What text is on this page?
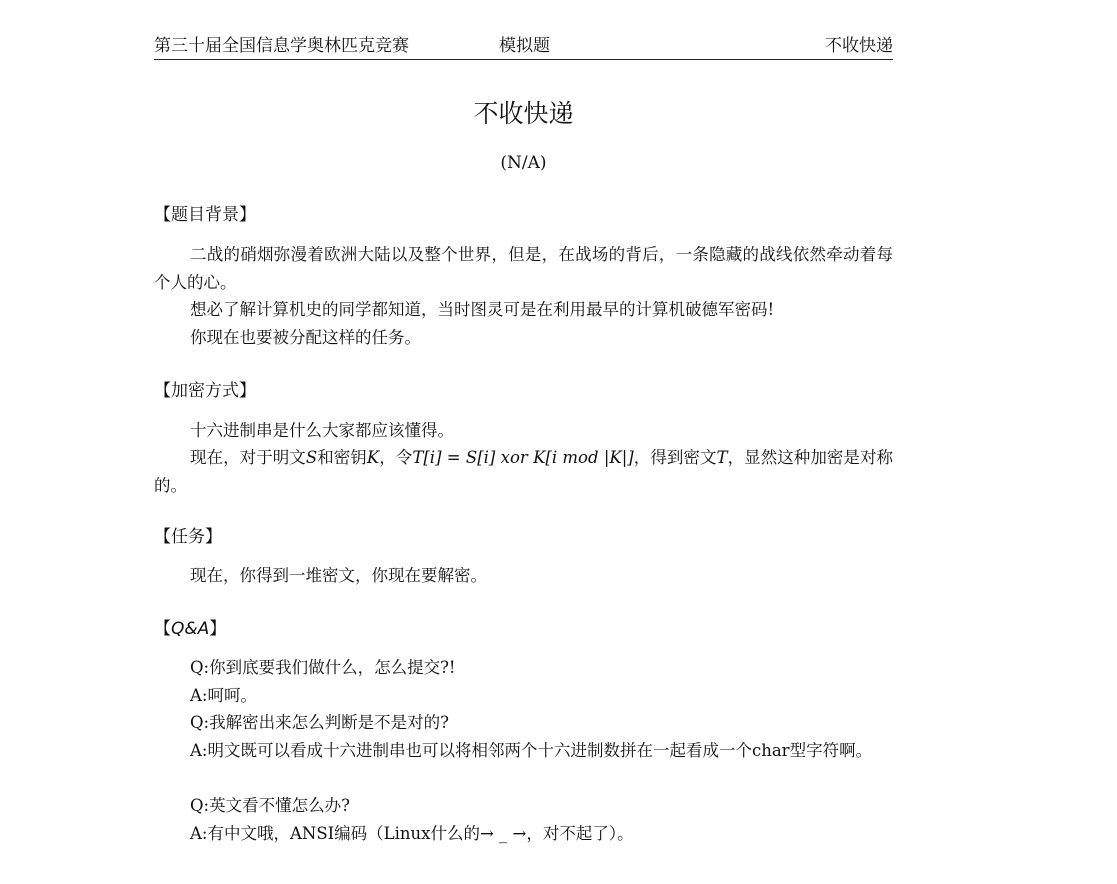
第三十届全国信息学奥林匹克竞赛	模拟题	不收快递
不收快递
(N/A)
【题目背景】
二战的硝烟弥漫着欧洲大陆以及整个世界，但是，在战场的背后，一条隐藏的战线依然牵动着每个人的心。
想必了解计算机史的同学都知道，当时图灵可是在利用最早的计算机破德军密码!
你现在也要被分配这样的任务。
【加密方式】
十六进制串是什么大家都应该懂得。
现在，对于明文S和密钥K，令T[i] = S[i] xor K[i mod |K|]，得到密文T，显然这种加密是对称的。
【任务】
现在，你得到一堆密文，你现在要解密。
【Q&A】
Q:你到底要我们做什么，怎么提交?!
A:呵呵。
Q:我解密出来怎么判断是不是对的?
A:明文既可以看成十六进制串也可以将相邻两个十六进制数拼在一起看成一个char型字符啊。
Q:英文看不懂怎么办?
A:有中文哦，ANSI编码（Linux什么的→ _ →，对不起了）。
